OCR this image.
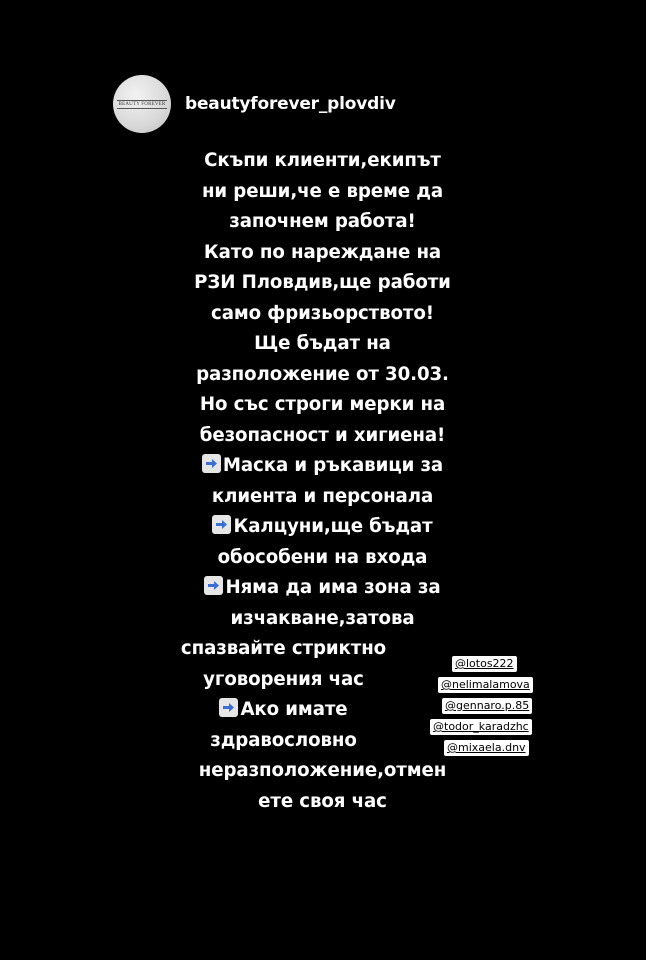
BEAUTY FOREVER beautyforever_plovdiv
Скъпи клиенти,екипът
ни реши,че е време да
започнем работа!
Като по нареждане на
РЗИ Пловдив,ще работи
само фризьорството!
Ще бъдат на
разположение от 30.03.
Но със строги мерки на
безопасност и хигиена!
Маска и ръкавици за
клиента и персонала
Калцуни,ще бъдат
обособени на входа
Няма да има зона за
изчакване,затова
спазвайте стриктно
уговорения час
Ако имате
здравословно
неразположение,отмен
ете своя час
@lotos222
@nelimalamova
@gennaro.p.85
@todor_karadzhc
@mixaela.dnv
